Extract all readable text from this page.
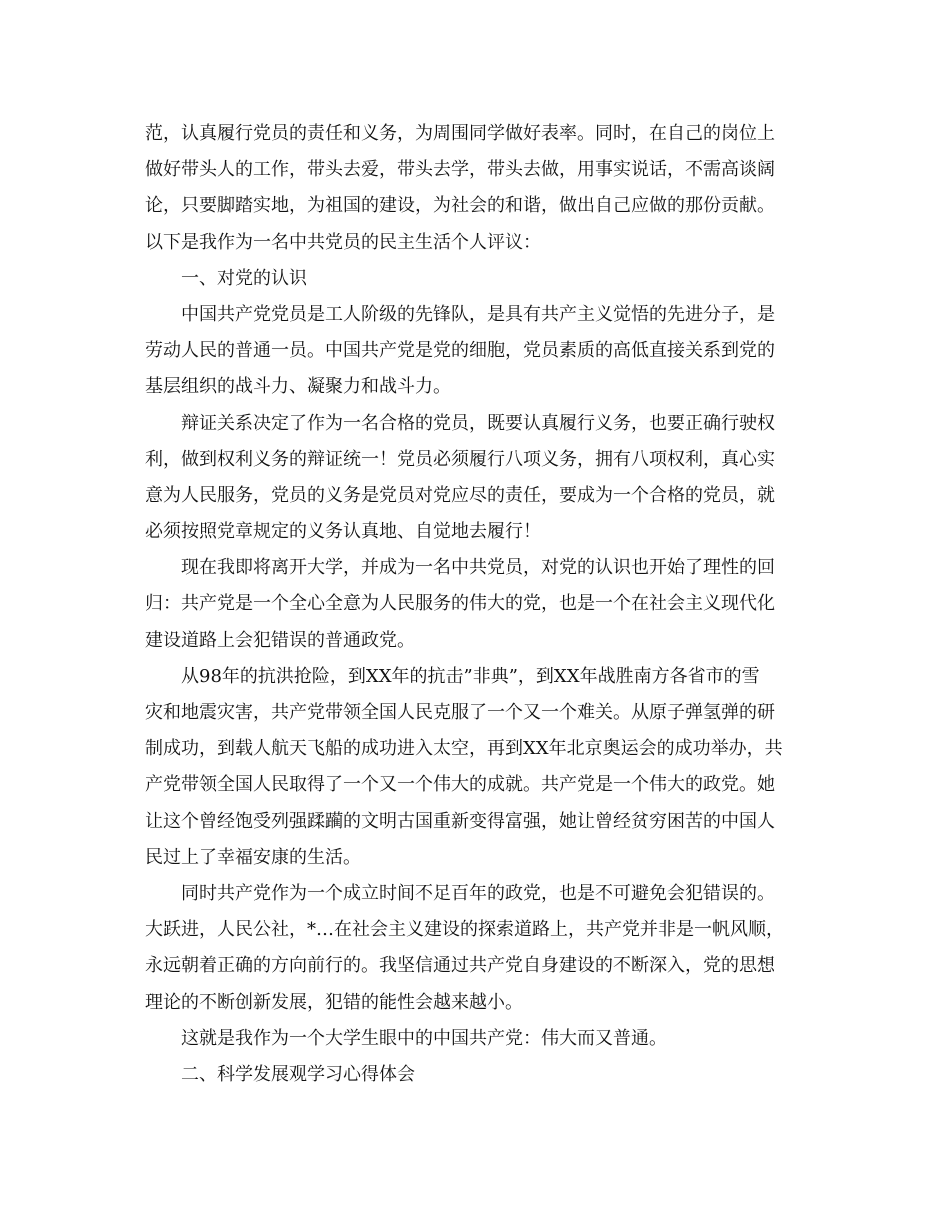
范，认真履行党员的责任和义务，为周围同学做好表率。同时，在自己的岗位上
做好带头人的工作，带头去爱，带头去学，带头去做，用事实说话，不需高谈阔
论，只要脚踏实地，为祖国的建设，为社会的和谐，做出自己应做的那份贡献。
以下是我作为一名中共党员的民主生活个人评议：
一、对党的认识
中国共产党党员是工人阶级的先锋队，是具有共产主义觉悟的先进分子，是
劳动人民的普通一员。中国共产党是党的细胞，党员素质的高低直接关系到党的
基层组织的战斗力、凝聚力和战斗力。
辩证关系决定了作为一名合格的党员，既要认真履行义务，也要正确行驶权
利，做到权利义务的辩证统一！党员必须履行八项义务，拥有八项权利，真心实
意为人民服务，党员的义务是党员对党应尽的责任，要成为一个合格的党员，就
必须按照党章规定的义务认真地、自觉地去履行！
现在我即将离开大学，并成为一名中共党员，对党的认识也开始了理性的回
归：共产党是一个全心全意为人民服务的伟大的党，也是一个在社会主义现代化
建设道路上会犯错误的普通政党。
从98年的抗洪抢险，到XX年的抗击”非典”，到XX年战胜南方各省市的雪
灾和地震灾害，共产党带领全国人民克服了一个又一个难关。从原子弹氢弹的研
制成功，到载人航天飞船的成功进入太空，再到XX年北京奥运会的成功举办，共
产党带领全国人民取得了一个又一个伟大的成就。共产党是一个伟大的政党。她
让这个曾经饱受列强蹂躏的文明古国重新变得富强，她让曾经贫穷困苦的中国人
民过上了幸福安康的生活。
同时共产党作为一个成立时间不足百年的政党，也是不可避免会犯错误的。
大跃进，人民公社，*…在社会主义建设的探索道路上，共产党并非是一帆风顺，
永远朝着正确的方向前行的。我坚信通过共产党自身建设的不断深入，党的思想
理论的不断创新发展，犯错的能性会越来越小。
这就是我作为一个大学生眼中的中国共产党：伟大而又普通。
二、科学发展观学习心得体会
